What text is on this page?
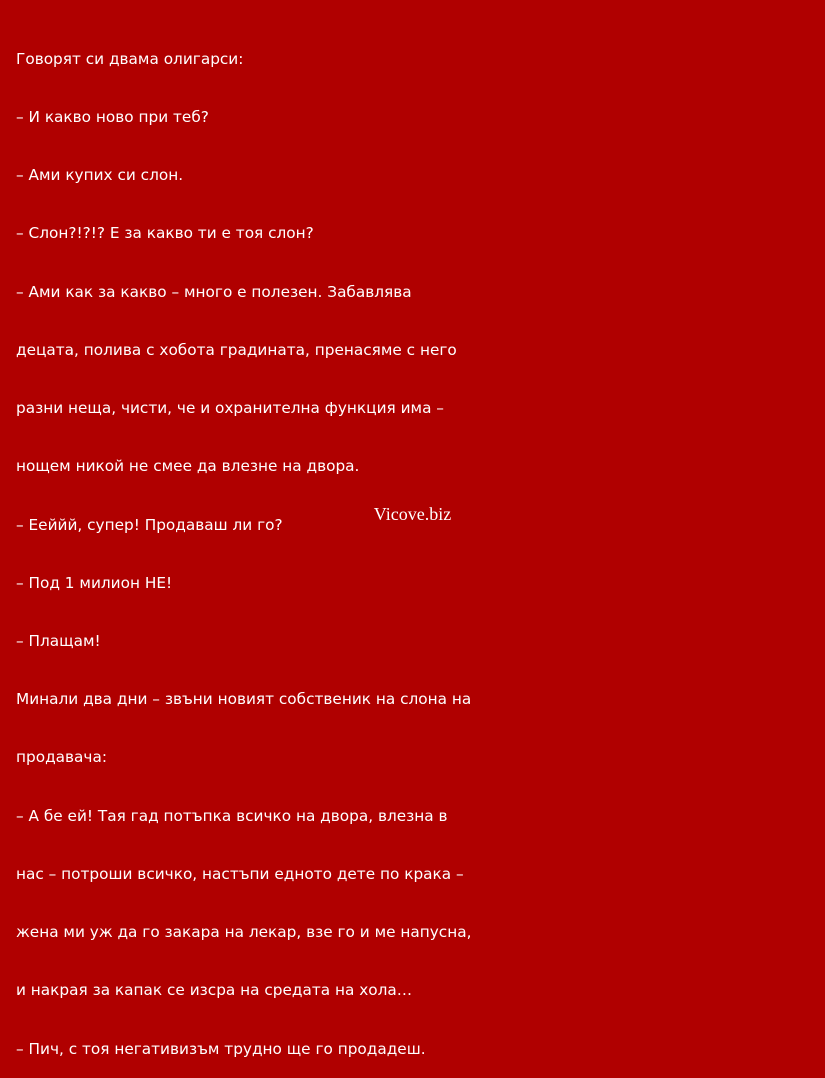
Говорят си двама олигарси:

– И какво ново при теб?

– Ами купих си слон.

– Слон?!?!? Е за какво ти е тоя слон?

– Ами как за какво – много е полезен. Забавлява

децата, полива с хобота градината, пренасяме с него

разни неща, чисти, че и охранителна функция има –

нощем никой не смее да влезне на двора.

– Ееййй, супер! Продаваш ли го?

– Под 1 милион НЕ!

– Плащам!

Минали два дни – звъни новият собственик на слона на

продавача:

– А бе ей! Тая гад потъпка всичко на двора, влезна в

нас – потроши всичко, настъпи едното дете по крака –

жена ми уж да го закара на лекар, взе го и ме напусна,

и накрая за капак се изсра на средата на хола…

– Пич, с тоя негативизъм трудно ще го продадеш.

Vicove.biz
